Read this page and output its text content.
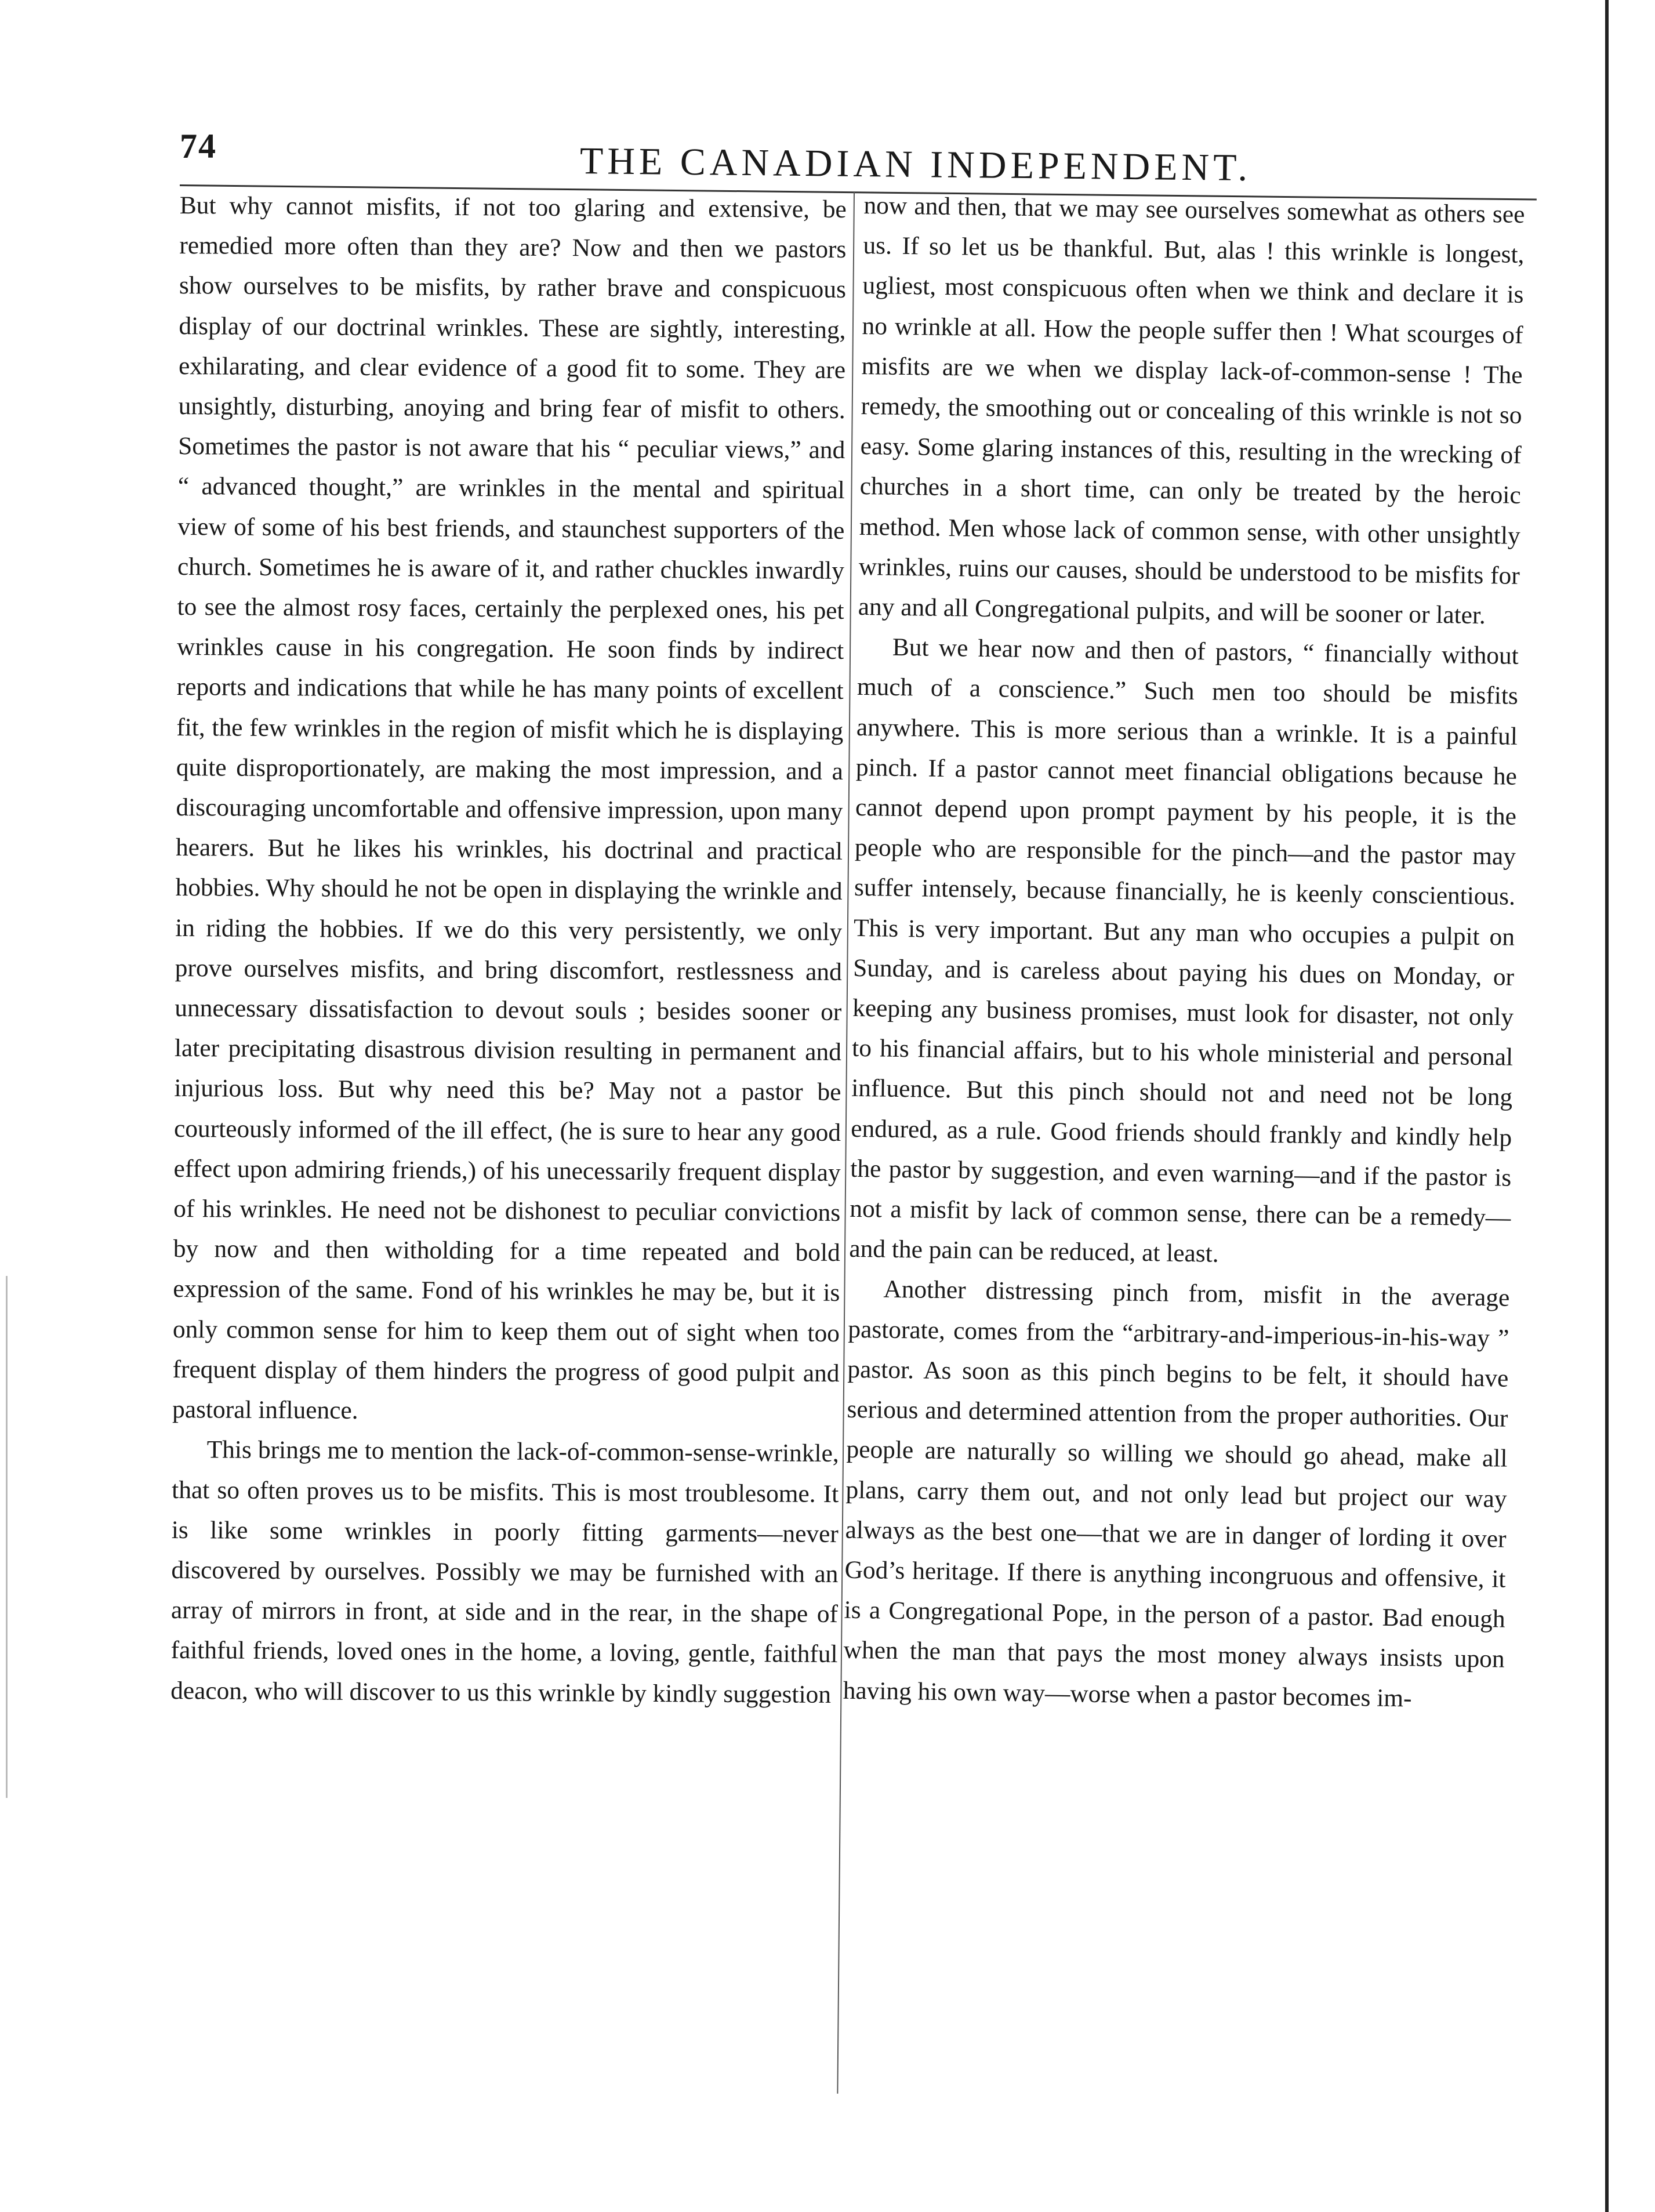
74	THE CANADIAN INDEPENDENT.

But why cannot misfits, if not too glaring and extensive, be remedied more often than they are? Now and then we pastors show ourselves to be misfits, by rather brave and conspicuous display of our doctrinal wrinkles. These are sightly, interesting, exhilarating, and clear evidence of a good fit to some. They are unsightly, disturbing, anoying and bring fear of misfit to others. Sometimes the pastor is not aware that his “ peculiar views,” and “ advanced thought,” are wrinkles in the mental and spiritual view of some of his best friends, and staunchest supporters of the church. Sometimes he is aware of it, and rather chuckles inwardly to see the almost rosy faces, certainly the perplexed ones, his pet wrinkles cause in his congregation. He soon finds by indirect reports and indications that while he has many points of excellent fit, the few wrinkles in the region of misfit which he is displaying quite disproportionately, are making the most impression, and a discouraging uncomfortable and offensive impression, upon many hearers. But he likes his wrinkles, his doctrinal and practical hobbies. Why should he not be open in displaying the wrinkle and in riding the hobbies. If we do this very persistently, we only prove ourselves misfits, and bring discomfort, restlessness and unnecessary dissatisfaction to devout souls ; besides sooner or later precipitating disastrous division resulting in permanent and injurious loss. But why need this be? May not a pastor be courteously informed of the ill effect, (he is sure to hear any good effect upon admiring friends,) of his unecessarily frequent display of his wrinkles. He need not be dishonest to peculiar convictions by now and then witholding for a time repeated and bold expression of the same. Fond of his wrinkles he may be, but it is only common sense for him to keep them out of sight when too frequent display of them hinders the progress of good pulpit and pastoral influence.

This brings me to mention the lack-of-common-sense-wrinkle, that so often proves us to be misfits. This is most troublesome. It is like some wrinkles in poorly fitting garments—never discovered by ourselves. Possibly we may be furnished with an array of mirrors in front, at side and in the rear, in the shape of faithful friends, loved ones in the home, a loving, gentle, faithful deacon, who will discover to us this wrinkle by kindly suggestion

now and then, that we may see ourselves somewhat as others see us. If so let us be thankful. But, alas ! this wrinkle is longest, ugliest, most conspicuous often when we think and declare it is no wrinkle at all. How the people suffer then ! What scourges of misfits are we when we display lack-of-common-sense ! The remedy, the smoothing out or concealing of this wrinkle is not so easy. Some glaring instances of this, resulting in the wrecking of churches in a short time, can only be treated by the heroic method. Men whose lack of common sense, with other unsightly wrinkles, ruins our causes, should be understood to be misfits for any and all Congregational pulpits, and will be sooner or later.

But we hear now and then of pastors, “ financially without much of a conscience.” Such men too should be misfits anywhere. This is more serious than a wrinkle. It is a painful pinch. If a pastor cannot meet financial obligations because he cannot depend upon prompt payment by his people, it is the people who are responsible for the pinch—and the pastor may suffer intensely, because financially, he is keenly conscientious. This is very important. But any man who occupies a pulpit on Sunday, and is careless about paying his dues on Monday, or keeping any business promises, must look for disaster, not only to his financial affairs, but to his whole ministerial and personal influence. But this pinch should not and need not be long endured, as a rule. Good friends should frankly and kindly help the pastor by suggestion, and even warning—and if the pastor is not a misfit by lack of common sense, there can be a remedy—and the pain can be reduced, at least.

Another distressing pinch from, misfit in the average pastorate, comes from the “arbitrary-and-imperious-in-his-way ” pastor. As soon as this pinch begins to be felt, it should have serious and determined attention from the proper authorities. Our people are naturally so willing we should go ahead, make all plans, carry them out, and not only lead but project our way always as the best one—that we are in danger of lording it over God’s heritage. If there is anything incongruous and offensive, it is a Congregational Pope, in the person of a pastor. Bad enough when the man that pays the most money always insists upon having his own way—worse when a pastor becomes im-
